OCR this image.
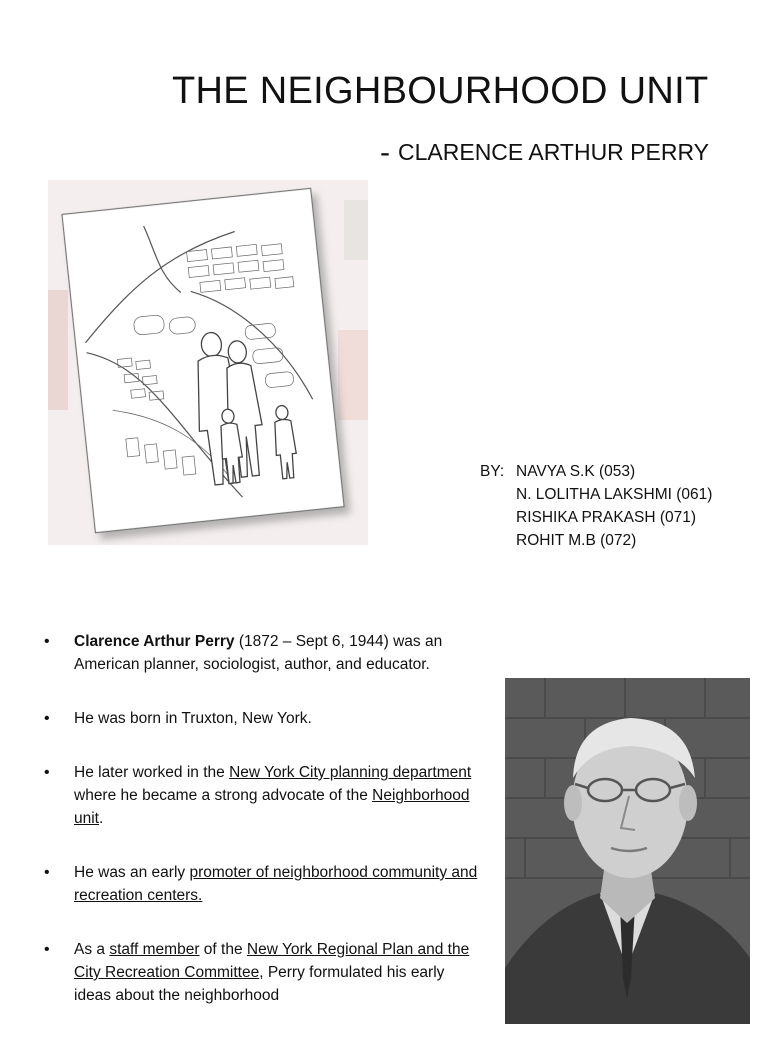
THE NEIGHBOURHOOD UNIT
- CLARENCE ARTHUR PERRY
BY: NAVYA S.K (053)
N. LOLITHA LAKSHMI (061)
RISHIKA PRAKASH (071)
ROHIT M.B (072)
• Clarence Arthur Perry (1872 – Sept 6, 1944) was an American planner, sociologist, author, and educator.
• He was born in Truxton, New York.
• He later worked in the New York City planning department where he became a strong advocate of the Neighborhood unit.
• He was an early promoter of neighborhood community and recreation centers.
• As a staff member of the New York Regional Plan and the City Recreation Committee, Perry formulated his early ideas about the neighborhood
